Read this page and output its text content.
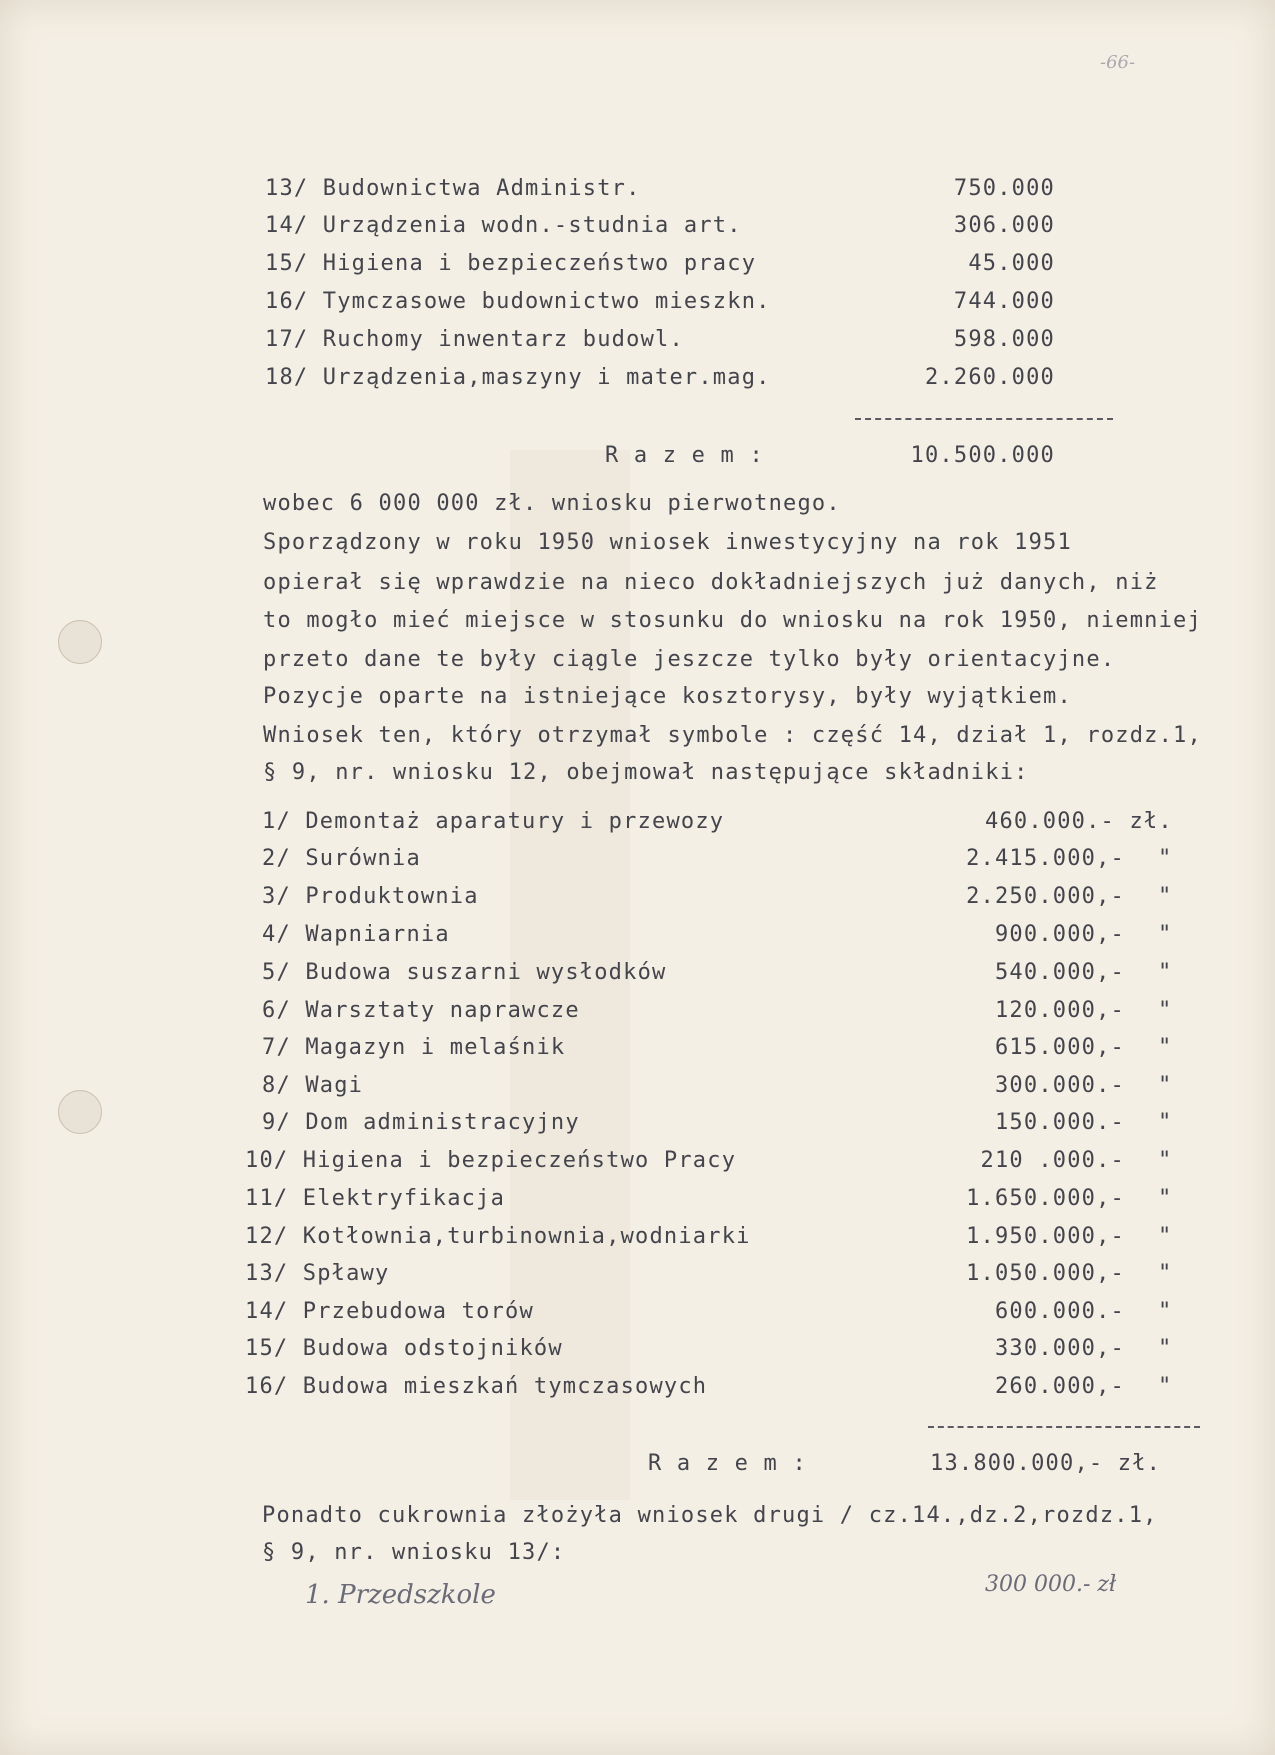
-66-
13/ Budownictwa Administr.	750.000
14/ Urządzenia wodn.-studnia art.	306.000
15/ Higiena i bezpieczeństwo pracy	45.000
16/ Tymczasowe budownictwo mieszkn.	744.000
17/ Ruchomy inwentarz budowl.	598.000
18/ Urządzenia,maszyny i mater.mag.	2.260.000
R a z e m :	10.500.000
wobec 6 000 000 zł. wniosku pierwotnego.
Sporządzony w roku 1950 wniosek inwestycyjny na rok 1951
opierał się wprawdzie na nieco dokładniejszych już danych, niż
to mogło mieć miejsce w stosunku do wniosku na rok 1950, niemniej
przeto dane te były ciągle jeszcze tylko były orientacyjne.
Pozycje oparte na istniejące kosztorysy, były wyjątkiem.
Wniosek ten, który otrzymał symbole : część 14, dział 1, rozdz.1,
§ 9, nr. wniosku 12, obejmował następujące składniki:
1/ Demontaż aparatury i przewozy	460.000.- zł.
2/ Surównia	2.415.000,- "
3/ Produktownia	2.250.000,- "
4/ Wapniarnia	900.000,- "
5/ Budowa suszarni wysłodków	540.000,- "
6/ Warsztaty naprawcze	120.000,- "
7/ Magazyn i melaśnik	615.000,- "
8/ Wagi	300.000.- "
9/ Dom administracyjny	150.000.- "
10/ Higiena i bezpieczeństwo Pracy	210 .000.- "
11/ Elektryfikacja	1.650.000,- "
12/ Kotłownia,turbinownia,wodniarki	1.950.000,- "
13/ Spławy	1.050.000,- "
14/ Przebudowa torów	600.000.- "
15/ Budowa odstojników	330.000,- "
16/ Budowa mieszkań tymczasowych	260.000,- "
R a z e m :	13.800.000,- zł.
Ponadto cukrownia złożyła wniosek drugi / cz.14.,dz.2,rozdz.1,
§ 9, nr. wniosku 13/:
1. Przedszkole	300 000.- zł
